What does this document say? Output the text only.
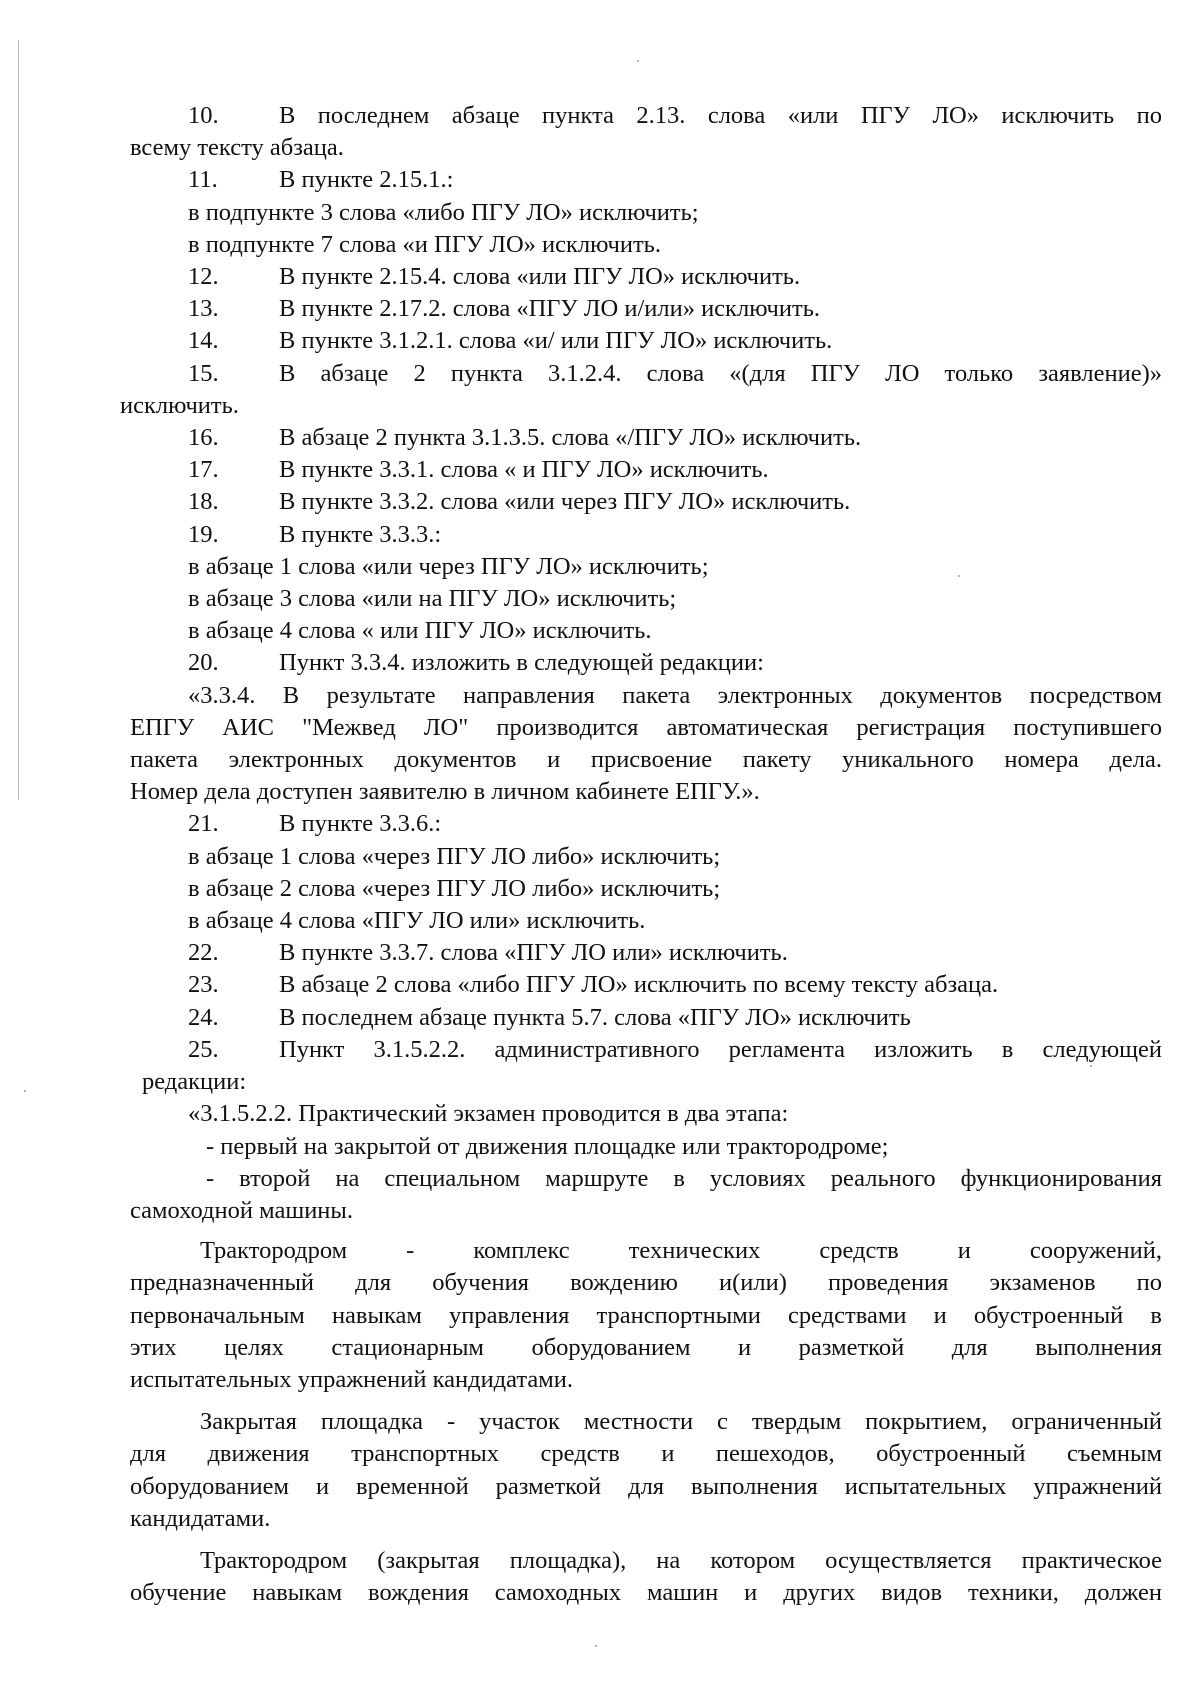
10. В последнем абзаце пункта 2.13. слова «или ПГУ ЛО» исключить по
всему тексту абзаца.
11.	В пункте 2.15.1.:
в подпункте 3 слова «либо ПГУ ЛО» исключить;
в подпункте 7 слова «и ПГУ ЛО» исключить.
12. В пункте 2.15.4. слова «или ПГУ ЛО» исключить.
13. В пункте 2.17.2. слова «ПГУ ЛО и/или» исключить.
14. В пункте 3.1.2.1. слова «и/ или ПГУ ЛО» исключить.
15. В абзаце 2 пункта 3.1.2.4. слова «(для ПГУ ЛО только заявление)»
исключить.
16. В абзаце 2 пункта 3.1.3.5. слова «/ПГУ ЛО» исключить.
17. В пункте 3.3.1. слова « и ПГУ ЛО» исключить.
18. В пункте 3.3.2. слова «или через ПГУ ЛО» исключить.
19. В пункте 3.3.3.:
в абзаце 1 слова «или через ПГУ ЛО» исключить;
в абзаце 3 слова «или на ПГУ ЛО» исключить;
в абзаце 4 слова « или ПГУ ЛО» исключить.
20. Пункт 3.3.4. изложить в следующей редакции:
«3.3.4. В результате направления пакета электронных документов посредством
ЕПГУ АИС "Межвед ЛО" производится автоматическая регистрация поступившего
пакета электронных документов и присвоение пакету уникального номера дела.
Номер дела доступен заявителю в личном кабинете ЕПГУ.».
21. В пункте 3.3.6.:
в абзаце 1 слова «через ПГУ ЛО либо» исключить;
в абзаце 2 слова «через ПГУ ЛО либо» исключить;
в абзаце 4 слова «ПГУ ЛО или» исключить.
22. В пункте 3.3.7. слова «ПГУ ЛО или» исключить.
23. В абзаце 2 слова «либо ПГУ ЛО» исключить по всему тексту абзаца.
24. В последнем абзаце пункта 5.7. слова «ПГУ ЛО» исключить
25. Пункт 3.1.5.2.2. административного регламента изложить в следующей
редакции:
«3.1.5.2.2. Практический экзамен проводится в два этапа:
- первый на закрытой от движения площадке или трактородроме;
- второй на специальном маршруте в условиях реального функционирования
самоходной машины.
Трактородром - комплекс технических средств и сооружений,
предназначенный для обучения вождению и(или) проведения экзаменов по
первоначальным навыкам управления транспортными средствами и обустроенный в
этих целях стационарным оборудованием и разметкой для выполнения
испытательных упражнений кандидатами.
Закрытая площадка - участок местности с твердым покрытием, ограниченный
для движения транспортных средств и пешеходов, обустроенный съемным
оборудованием и временной разметкой для выполнения испытательных упражнений
кандидатами.
Трактородром (закрытая площадка), на котором осуществляется практическое
обучение навыкам вождения самоходных машин и других видов техники, должен
